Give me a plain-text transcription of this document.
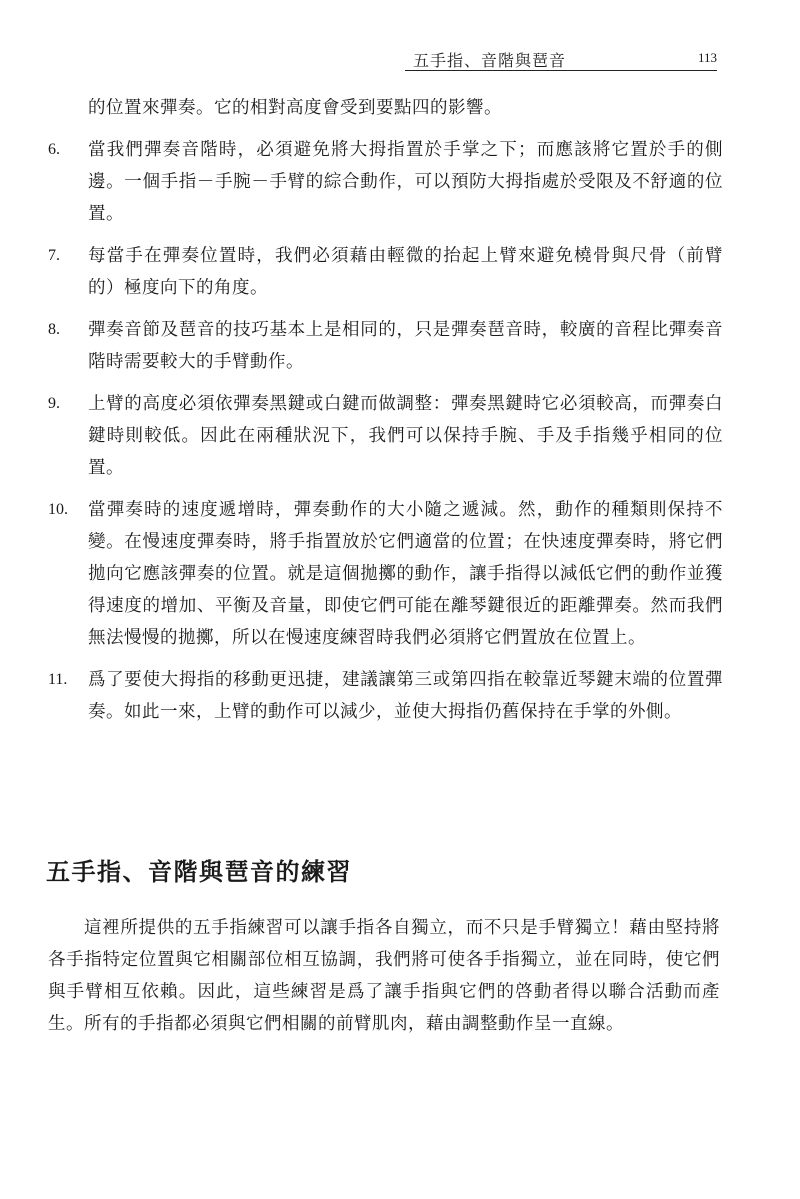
五手指、音階與琶音	113

的位置來彈奏。它的相對高度會受到要點四的影響。

6. 當我們彈奏音階時，必須避免將大拇指置於手掌之下；而應該將它置於手的側邊。一個手指－手腕－手臂的綜合動作，可以預防大拇指處於受限及不舒適的位置。
7. 每當手在彈奏位置時，我們必須藉由輕微的抬起上臂來避免橈骨與尺骨（前臂的）極度向下的角度。
8. 彈奏音節及琶音的技巧基本上是相同的，只是彈奏琶音時，較廣的音程比彈奏音階時需要較大的手臂動作。
9. 上臂的高度必須依彈奏黑鍵或白鍵而做調整：彈奏黑鍵時它必須較高，而彈奏白鍵時則較低。因此在兩種狀況下，我們可以保持手腕、手及手指幾乎相同的位置。
10. 當彈奏時的速度遞增時，彈奏動作的大小隨之遞減。然，動作的種類則保持不變。在慢速度彈奏時，將手指置放於它們適當的位置；在快速度彈奏時，將它們拋向它應該彈奏的位置。就是這個拋擲的動作，讓手指得以減低它們的動作並獲得速度的增加、平衡及音量，即使它們可能在離琴鍵很近的距離彈奏。然而我們無法慢慢的拋擲，所以在慢速度練習時我們必須將它們置放在位置上。
11. 爲了要使大拇指的移動更迅捷，建議讓第三或第四指在較靠近琴鍵末端的位置彈奏。如此一來，上臂的動作可以減少，並使大拇指仍舊保持在手掌的外側。
五手指、音階與琶音的練習
這裡所提供的五手指練習可以讓手指各自獨立，而不只是手臂獨立！藉由堅持將各手指特定位置與它相關部位相互協調，我們將可使各手指獨立，並在同時，使它們與手臂相互依賴。因此，這些練習是爲了讓手指與它們的啓動者得以聯合活動而產生。所有的手指都必須與它們相關的前臂肌肉，藉由調整動作呈一直線。
